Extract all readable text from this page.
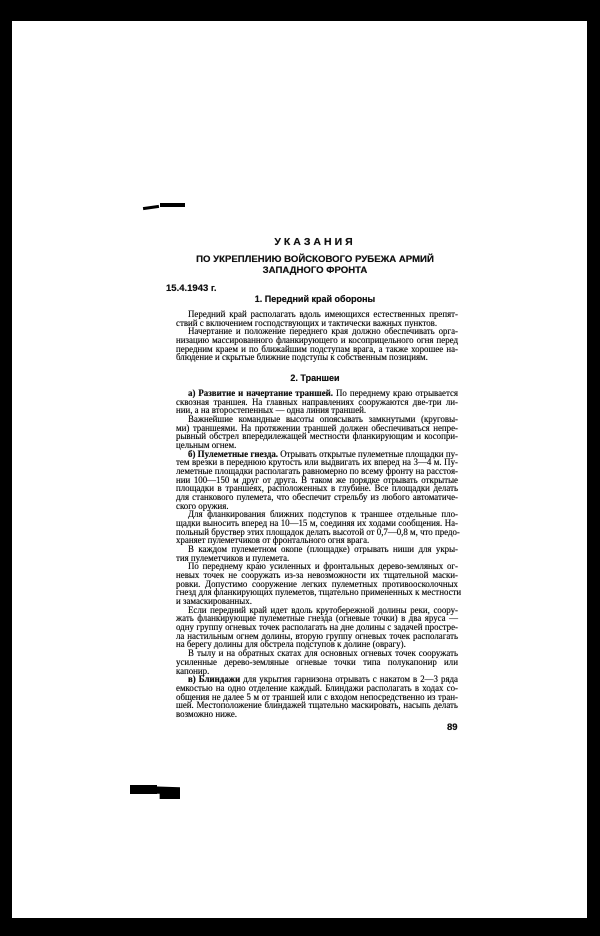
УКАЗАНИЯ
ПО УКРЕПЛЕНИЮ ВОЙСКОВОГО РУБЕЖА АРМИЙ
ЗАПАДНОГО ФРОНТА
15.4.1943 г.
1. Передний край обороны
Передний край располагать вдоль имеющихся естественных препят-
ствий с включением господствующих и тактически важных пунктов.
Начертание и положение переднего края должно обеспечивать орга-
низацию массированного фланкирующего и косоприцельного огня перед
передним краем и по ближайшим подступам врага, а также хорошее на-
блюдение и скрытые ближние подступы к собственным позициям.
2. Траншеи
а) Развитие и начертание траншей. По переднему краю отрывается
сквозная траншея. На главных направлениях сооружаются две-три ли-
нии, а на второстепенных — одна линия траншей.
Важнейшие командные высоты опоясывать замкнутыми (круговы-
ми) траншеями. На протяжении траншей должен обеспечиваться непре-
рывный обстрел впередилежащей местности фланкирующим и косопри-
цельным огнем.
б) Пулеметные гнезда. Отрывать открытые пулеметные площадки пу-
тем врезки в переднюю крутость или выдвигать их вперед на 3—4 м. Пу-
леметные площадки располагать равномерно по всему фронту на расстоя-
нии 100—150 м друг от друга. В таком же порядке отрывать открытые
площадки в траншеях, расположенных в глубине. Все площадки делать
для станкового пулемета, что обеспечит стрельбу из любого автоматиче-
ского оружия.
Для фланкирования ближних подступов к траншее отдельные пло-
щадки выносить вперед на 10—15 м, соединяя их ходами сообщения. На-
польный бруствер этих площадок делать высотой от 0,7—0,8 м, что предо-
храняет пулеметчиков от фронтального огня врага.
В каждом пулеметном окопе (площадке) отрывать ниши для укры-
тия пулеметчиков и пулемета.
По переднему краю усиленных и фронтальных дерево-земляных ог-
невых точек не сооружать из-за невозможности их тщательной маски-
ровки. Допустимо сооружение легких пулеметных противоосколочных
гнезд для фланкирующих пулеметов, тщательно примененных к местности
и замаскированных.
Если передний край идет вдоль крутобережной долины реки, соору-
жать фланкирующие пулеметные гнезда (огневые точки) в два яруса —
одну группу огневых точек располагать на дне долины с задачей простре-
ла настильным огнем долины, вторую группу огневых точек располагать
на берегу долины для обстрела подступов к долине (оврагу).
В тылу и на обратных скатах для основных огневых точек сооружать
усиленные дерево-земляные огневые точки типа полукапонир или
капонир.
в) Блиндажи для укрытия гарнизона отрывать с накатом в 2—3 ряда
емкостью на одно отделение каждый. Блиндажи располагать в ходах со-
общения не далее 5 м от траншей или с входом непосредственно из тран-
шей. Местоположение блиндажей тщательно маскировать, насыпь делать
возможно ниже.
89
